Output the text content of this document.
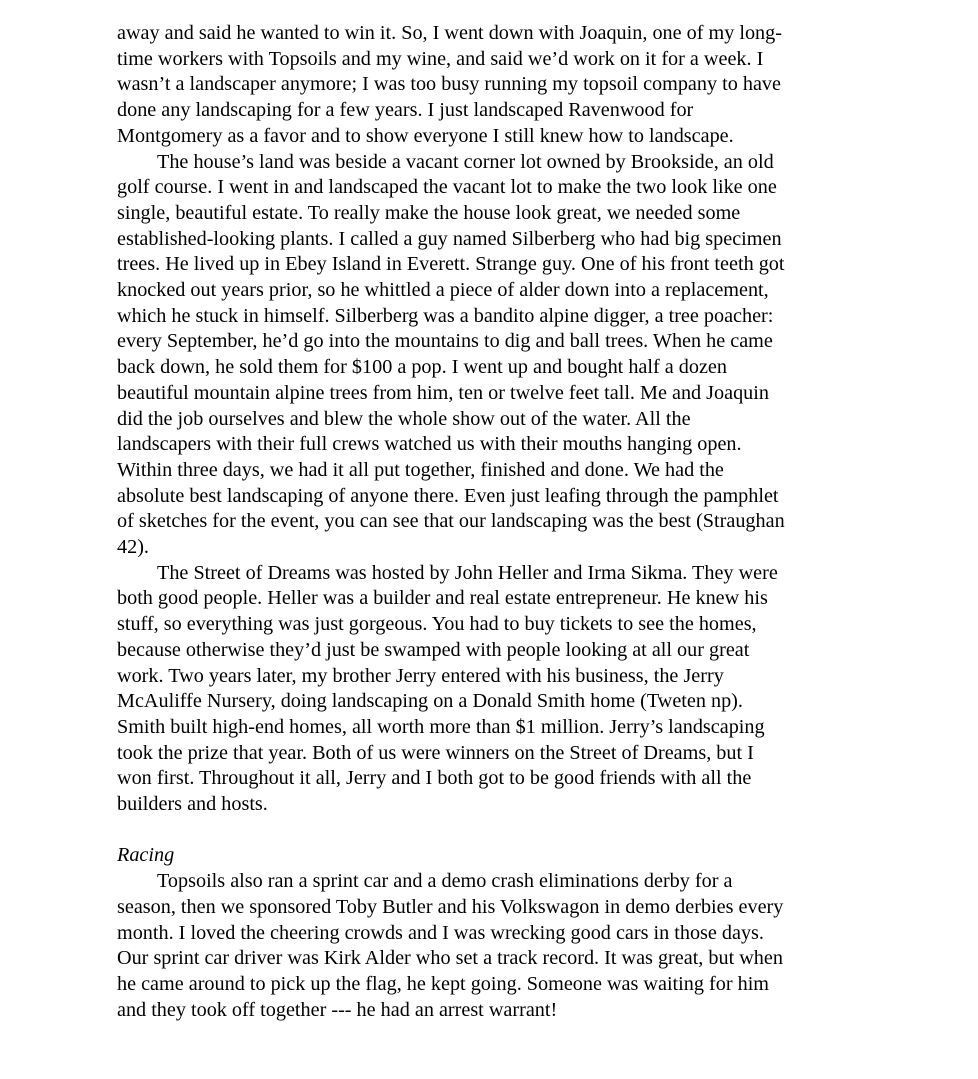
away and said he wanted to win it. So, I went down with Joaquin, one of my long-
time workers with Topsoils and my wine, and said we’d work on it for a week. I
wasn’t a landscaper anymore; I was too busy running my topsoil company to have
done any landscaping for a few years. I just landscaped Ravenwood for
Montgomery as a favor and to show everyone I still knew how to landscape.
The house’s land was beside a vacant corner lot owned by Brookside, an old
golf course. I went in and landscaped the vacant lot to make the two look like one
single, beautiful estate. To really make the house look great, we needed some
established-looking plants. I called a guy named Silberberg who had big specimen
trees. He lived up in Ebey Island in Everett. Strange guy. One of his front teeth got
knocked out years prior, so he whittled a piece of alder down into a replacement,
which he stuck in himself. Silberberg was a bandito alpine digger, a tree poacher:
every September, he’d go into the mountains to dig and ball trees. When he came
back down, he sold them for $100 a pop. I went up and bought half a dozen
beautiful mountain alpine trees from him, ten or twelve feet tall. Me and Joaquin
did the job ourselves and blew the whole show out of the water. All the
landscapers with their full crews watched us with their mouths hanging open.
Within three days, we had it all put together, finished and done. We had the
absolute best landscaping of anyone there. Even just leafing through the pamphlet
of sketches for the event, you can see that our landscaping was the best (Straughan
42).
The Street of Dreams was hosted by John Heller and Irma Sikma. They were
both good people. Heller was a builder and real estate entrepreneur. He knew his
stuff, so everything was just gorgeous. You had to buy tickets to see the homes,
because otherwise they’d just be swamped with people looking at all our great
work. Two years later, my brother Jerry entered with his business, the Jerry
McAuliffe Nursery, doing landscaping on a Donald Smith home (Tweten np).
Smith built high-end homes, all worth more than $1 million. Jerry’s landscaping
took the prize that year. Both of us were winners on the Street of Dreams, but I
won first. Throughout it all, Jerry and I both got to be good friends with all the
builders and hosts.
Racing
Topsoils also ran a sprint car and a demo crash eliminations derby for a
season, then we sponsored Toby Butler and his Volkswagon in demo derbies every
month. I loved the cheering crowds and I was wrecking good cars in those days.
Our sprint car driver was Kirk Alder who set a track record. It was great, but when
he came around to pick up the flag, he kept going. Someone was waiting for him
and they took off together --- he had an arrest warrant!
